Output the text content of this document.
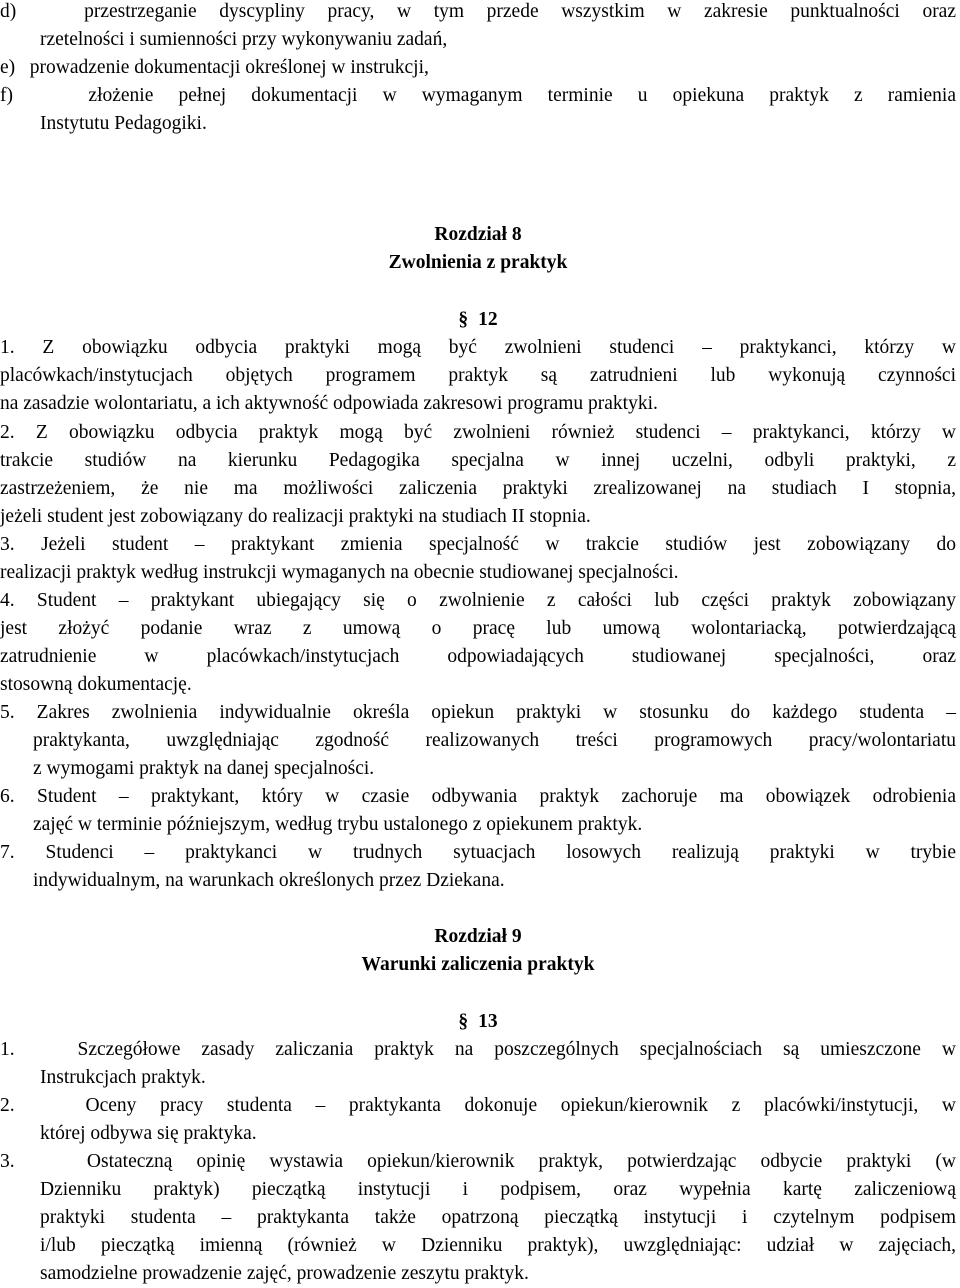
d)	przestrzeganie dyscypliny pracy, w tym przede wszystkim w zakresie punktualności oraz
rzetelności i sumienności przy wykonywaniu zadań,
e) prowadzenie dokumentacji określonej w instrukcji,
f)	złożenie pełnej dokumentacji w wymaganym terminie u opiekuna praktyk z ramienia
Instytutu Pedagogiki.
Rozdział 8
Zwolnienia z praktyk
§ 12
1. Z obowiązku odbycia praktyki mogą być zwolnieni studenci – praktykanci, którzy w
placówkach/instytucjach objętych programem praktyk są zatrudnieni lub wykonują czynności
na zasadzie wolontariatu, a ich aktywność odpowiada zakresowi programu praktyki.
2. Z obowiązku odbycia praktyk mogą być zwolnieni również studenci – praktykanci, którzy w
trakcie studiów na kierunku Pedagogika specjalna w innej uczelni, odbyli praktyki, z
zastrzeżeniem, że nie ma możliwości zaliczenia praktyki zrealizowanej na studiach I stopnia,
jeżeli student jest zobowiązany do realizacji praktyki na studiach II stopnia.
3. Jeżeli student – praktykant zmienia specjalność w trakcie studiów jest zobowiązany do
realizacji praktyk według instrukcji wymaganych na obecnie studiowanej specjalności.
4. Student – praktykant ubiegający się o zwolnienie z całości lub części praktyk zobowiązany
jest złożyć podanie wraz z umową o pracę lub umową wolontariacką, potwierdzającą
zatrudnienie w placówkach/instytucjach odpowiadających studiowanej specjalności, oraz
stosowną dokumentację.
5. Zakres zwolnienia indywidualnie określa opiekun praktyki w stosunku do każdego studenta –
praktykanta, uwzględniając zgodność realizowanych treści programowych pracy/wolontariatu
z wymogami praktyk na danej specjalności.
6. Student – praktykant, który w czasie odbywania praktyk zachoruje ma obowiązek odrobienia
zajęć w terminie późniejszym, według trybu ustalonego z opiekunem praktyk.
7. Studenci – praktykanci w trudnych sytuacjach losowych realizują praktyki w trybie
indywidualnym, na warunkach określonych przez Dziekana.
Rozdział 9
Warunki zaliczenia praktyk
§ 13
1.	Szczegółowe zasady zaliczania praktyk na poszczególnych specjalnościach są umieszczone w
Instrukcjach praktyk.
2.	Oceny pracy studenta – praktykanta dokonuje opiekun/kierownik z placówki/instytucji, w
której odbywa się praktyka.
3.	Ostateczną opinię wystawia opiekun/kierownik praktyk, potwierdzając odbycie praktyki (w
Dzienniku praktyk) pieczątką instytucji i podpisem, oraz wypełnia kartę zaliczeniową
praktyki studenta – praktykanta także opatrzoną pieczątką instytucji i czytelnym podpisem
i/lub pieczątką imienną (również w Dzienniku praktyk), uwzględniając: udział w zajęciach,
samodzielne prowadzenie zajęć, prowadzenie zeszytu praktyk.
